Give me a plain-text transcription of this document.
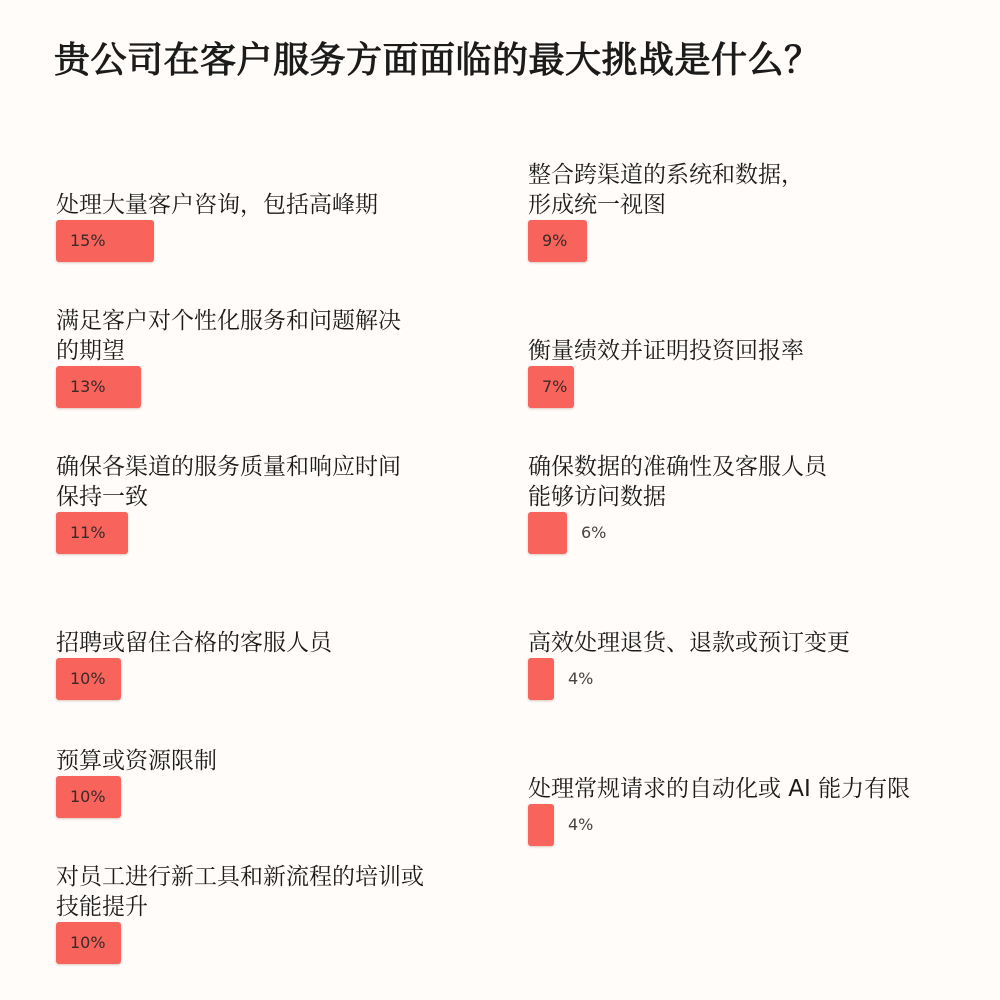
贵公司在客户服务方面面临的最大挑战是什么？
处理大量客户咨询，包括高峰期
15%
满足客户对个性化服务和问题解决
的期望
13%
确保各渠道的服务质量和响应时间
保持一致
11%
招聘或留住合格的客服人员
10%
预算或资源限制
10%
对员工进行新工具和新流程的培训或
技能提升
10%
整合跨渠道的系统和数据，
形成统一视图
9%
衡量绩效并证明投资回报率
7%
确保数据的准确性及客服人员
能够访问数据
6%
高效处理退货、退款或预订变更
4%
处理常规请求的自动化或 AI 能力有限
4%
